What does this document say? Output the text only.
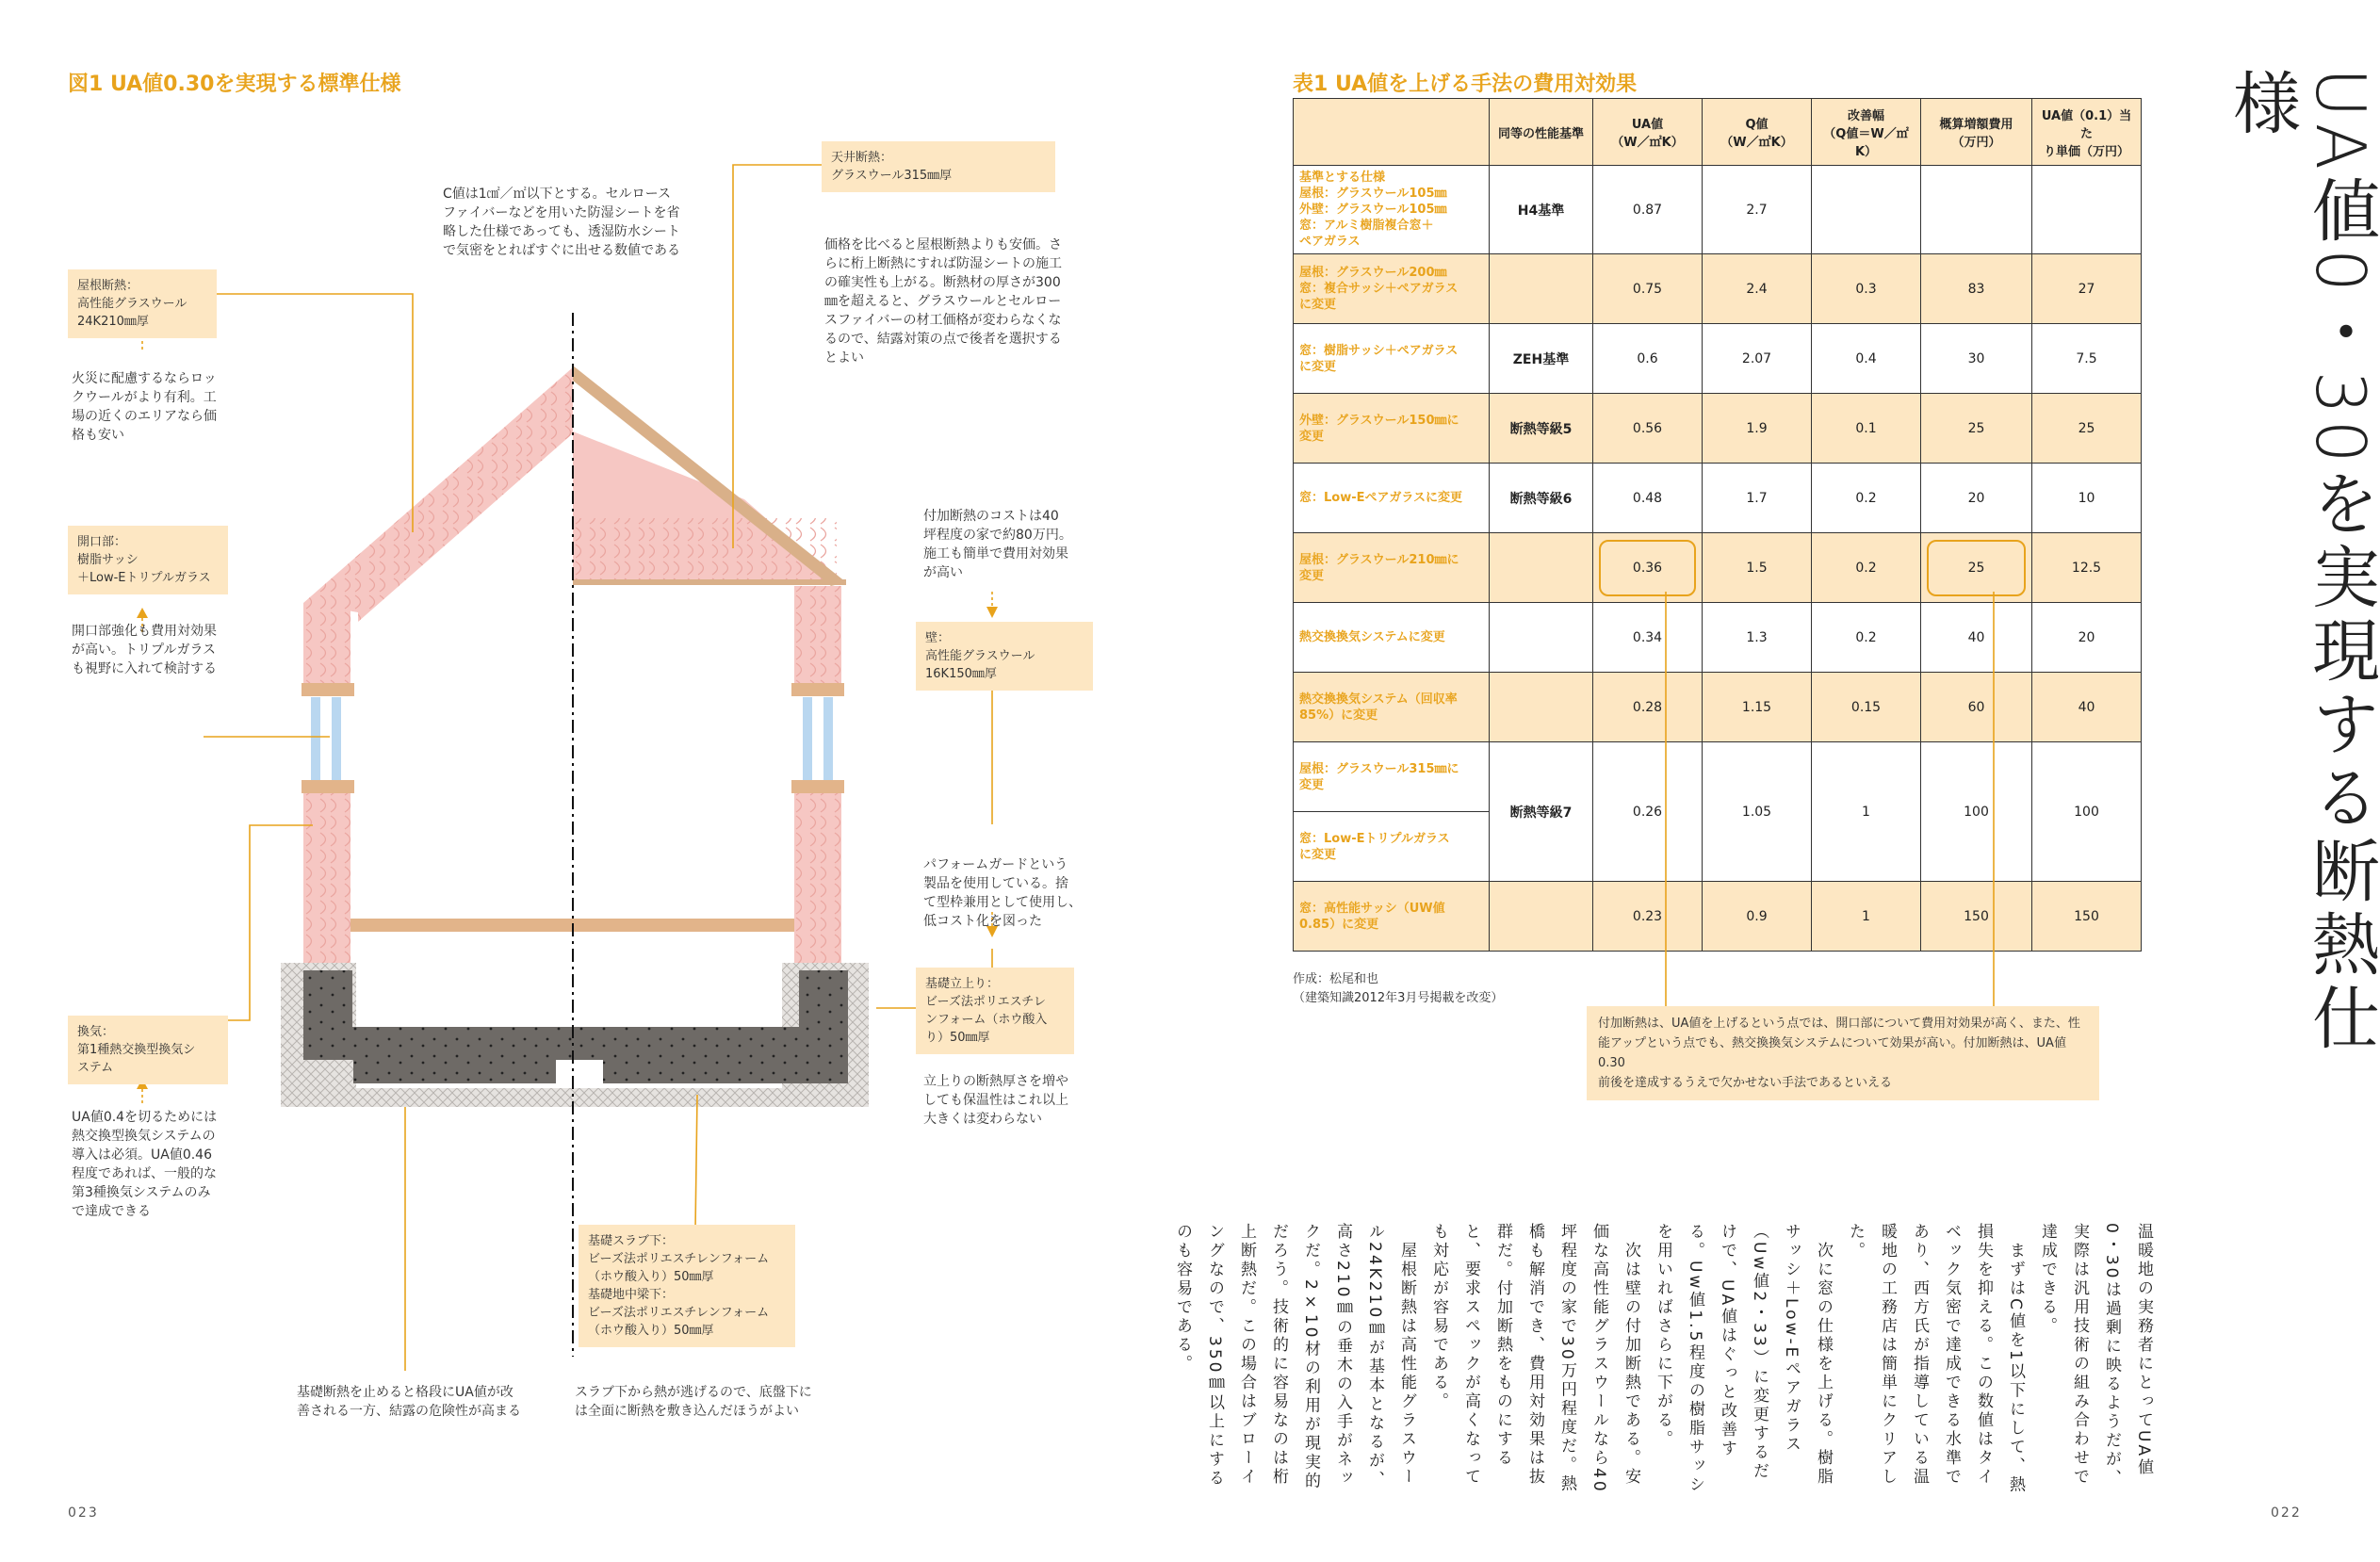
図1 UA値0.30を実現する標準仕様
屋根断熱：
高性能グラスウール
24K210㎜厚
火災に配慮するならロッ
クウールがより有利。工
場の近くのエリアなら価
格も安い
C値は1㎠／㎡以下とする。セルロース
ファイバーなどを用いた防湿シートを省
略した仕様であっても、透湿防水シート
で気密をとればすぐに出せる数値である
天井断熱：
グラスウール315㎜厚
価格を比べると屋根断熱よりも安価。さ
らに桁上断熱にすれば防湿シートの施工
の確実性も上がる。断熱材の厚さが300
㎜を超えると、グラスウールとセルロー
スファイバーの材工価格が変わらなくな
るので、結露対策の点で後者を選択する
とよい
開口部：
樹脂サッシ
＋Low-Eトリプルガラス
開口部強化も費用対効果
が高い。トリプルガラス
も視野に入れて検討する
付加断熱のコストは40
坪程度の家で約80万円。
施工も簡単で費用対効果
が高い
壁：
高性能グラスウール
16K150㎜厚
パフォームガードという
製品を使用している。捨
て型枠兼用として使用し、
低コスト化を図った
基礎立上り：
ビーズ法ポリエスチレ
ンフォーム（ホウ酸入
り）50㎜厚
立上りの断熱厚さを増や
しても保温性はこれ以上
大きくは変わらない
換気：
第1種熱交換型換気シ
ステム
UA値0.4を切るためには
熱交換型換気システムの
導入は必須。UA値0.46
程度であれば、一般的な
第3種換気システムのみ
で達成できる
基礎スラブ下：
ビーズ法ポリエスチレンフォーム
（ホウ酸入り）50㎜厚
基礎地中梁下：
ビーズ法ポリエスチレンフォーム
（ホウ酸入り）50㎜厚
基礎断熱を止めると格段にUA値が改
善される一方、結露の危険性が高まる
スラブ下から熱が逃げるので、底盤下に
は全面に断熱を敷き込んだほうがよい
023
表1 UA値を上げる手法の費用対効果
	同等の性能基準	UA値
（W／㎡K）	Q値
（W／㎡K）	改善幅
（Q値＝W／㎡K）	概算増額費用
（万円）	UA値（0.1）当た
り単価（万円）
基準とする仕様
屋根：グラスウール105㎜
外壁：グラスウール105㎜
窓：アルミ樹脂複合窓＋
ペアガラス	H4基準	0.87	2.7			
屋根：グラスウール200㎜
窓：複合サッシ＋ペアガラス
に変更		0.75	2.4	0.3	83	27
窓：樹脂サッシ＋ペアガラス
に変更	ZEH基準	0.6	2.07	0.4	30	7.5
外壁：グラスウール150㎜に
変更	断熱等級5	0.56	1.9	0.1	25	25
窓：Low-Eペアガラスに変更	断熱等級6	0.48	1.7	0.2	20	10
屋根：グラスウール210㎜に
変更		0.36	1.5	0.2	25	12.5
熱交換換気システムに変更		0.34	1.3	0.2	40	20
熱交換換気システム（回収率
85%）に変更		0.28	1.15	0.15	60	40
屋根：グラスウール315㎜に
変更	断熱等級7	0.26	1.05	1	100	100
窓：Low-Eトリプルガラス
に変更						
窓：高性能サッシ（UW値
0.85）に変更		0.23	0.9	1	150	150
作成：松尾和也
（建築知識2012年3月号掲載を改変）
付加断熱は、UA値を上げるという点では、開口部について費用対効果が高く、また、性
能アップという点でも、熱交換換気システムについて効果が高い。付加断熱は、UA値0.30
前後を達成するうえで欠かせない手法であるといえる
UA値0・30を実現する断熱仕様
温暖地の実務者にとってUA値0・30は過剰に映るようだが、実際は汎用技術の組み合わせで達成できる。
　まずはC値を1以下にして、熱損失を抑える。この数値はタイベック気密で達成できる水準であり、西方氏が指導している温暖地の工務店は簡単にクリアした。
　次に窓の仕様を上げる。樹脂サッシ＋Low-Eペアガラス（Uw値2・33）に変更するだけで、UA値はぐっと改善する。Uw値1.5程度の樹脂サッシを用いればさらに下がる。
　次は壁の付加断熱である。安価な高性能グラスウールなら40坪程度の家で30万円程度だ。熱橋も解消でき、費用対効果は抜群だ。付加断熱をものにすると、要求スペックが高くなっても対応が容易である。
　屋根断熱は高性能グラスウール24K210㎜が基本となるが、高さ210㎜の垂木の入手がネックだ。2×10材の利用が現実的だろう。技術的に容易なのは桁上断熱だ。この場合はブローイングなので、350㎜以上にするのも容易である。
022
